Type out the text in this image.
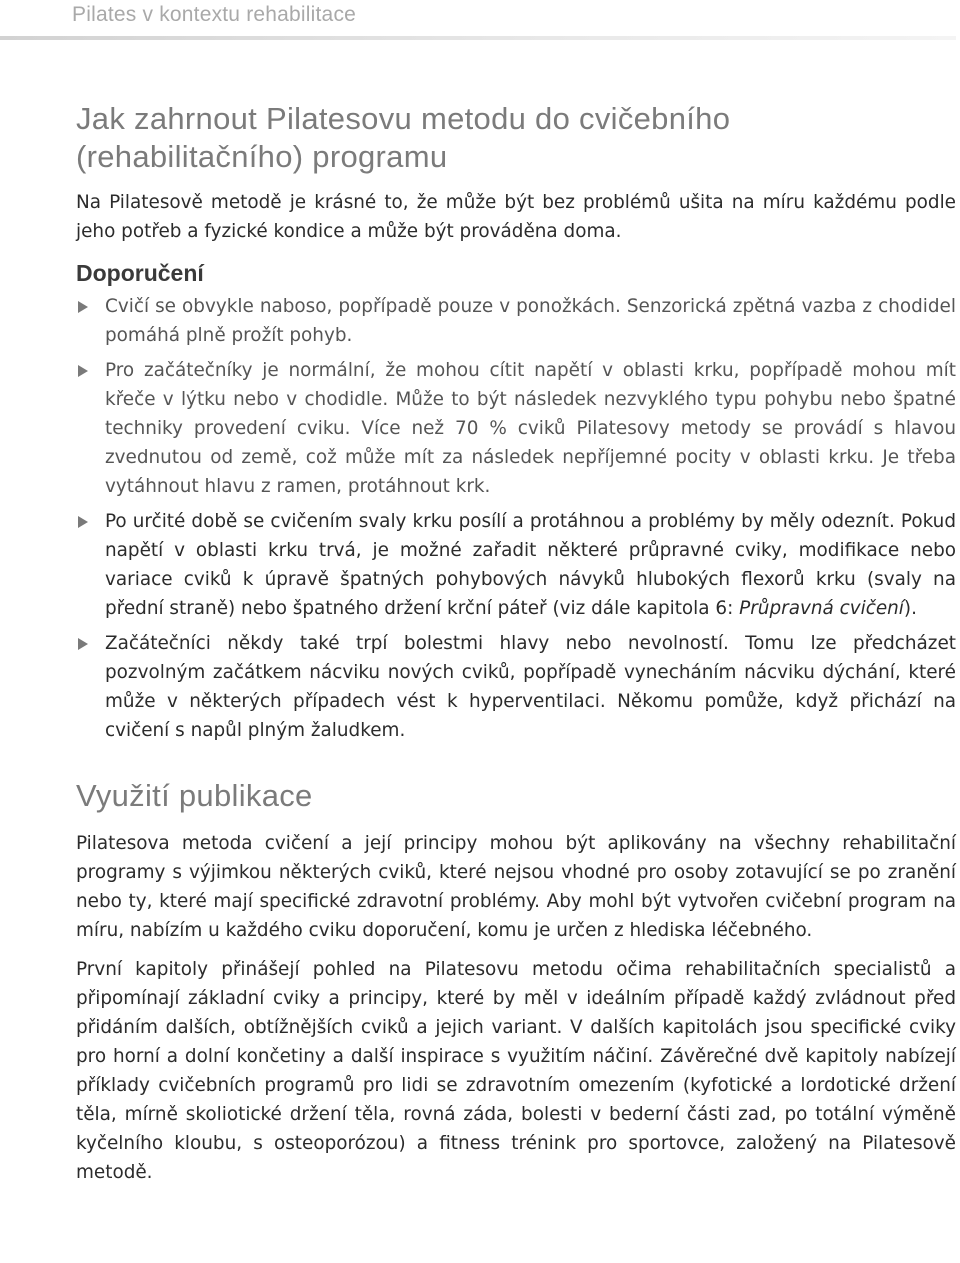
Pilates v kontextu rehabilitace
Jak zahrnout Pilatesovu metodu do cvičebního (rehabilitačního) programu

Na Pilatesově metodě je krásné to, že může být bez problémů ušita na míru každému podle jeho potřeb a fyzické kondice a může být prováděna doma.

Doporučení
Cvičí se obvykle naboso, popřípadě pouze v ponožkách. Senzorická zpětná vazba z chodidel pomáhá plně prožít pohyb.
Pro začátečníky je normální, že mohou cítit napětí v oblasti krku, popřípadě mohou mít křeče v lýtku nebo v chodidle. Může to být následek nezvyklého typu pohybu nebo špatné techniky provedení cviku. Více než 70 % cviků Pilatesovy metody se provádí s hlavou zvednutou od země, což může mít za následek nepříjemné pocity v oblasti krku. Je třeba vytáhnout hlavu z ramen, protáhnout krk.
Po určité době se cvičením svaly krku posílí a protáhnou a problémy by měly odeznít. Pokud napětí v oblasti krku trvá, je možné zařadit některé průpravné cviky, modifikace nebo variace cviků k úpravě špatných pohybových návyků hlubokých flexorů krku (svaly na přední straně) nebo špatného držení krční páteř (viz dále kapitola 6: Průpravná cvičení).
Začátečníci někdy také trpí bolestmi hlavy nebo nevolností. Tomu lze předcházet pozvolným začátkem nácviku nových cviků, popřípadě vynecháním nácviku dýchání, které může v některých případech vést k hyperventilaci. Někomu pomůže, když přichází na cvičení s napůl plným žaludkem.
Využití publikace

Pilatesova metoda cvičení a její principy mohou být aplikovány na všechny rehabilitační programy s výjimkou některých cviků, které nejsou vhodné pro osoby zotavující se po zranění nebo ty, které mají specifické zdravotní problémy. Aby mohl být vytvořen cvičební program na míru, nabízím u každého cviku doporučení, komu je určen z hlediska léčebného.

První kapitoly přinášejí pohled na Pilatesovu metodu očima rehabilitačních specialistů a připomínají základní cviky a principy, které by měl v ideálním případě každý zvládnout před přidáním dalších, obtížnějších cviků a jejich variant. V dalších kapitolách jsou specifické cviky pro horní a dolní končetiny a další inspirace s využitím náčiní. Závěrečné dvě kapitoly nabízejí příklady cvičebních programů pro lidi se zdravotním omezením (kyfotické a lordotické držení těla, mírně skoliotické držení těla, rovná záda, bolesti v bederní části zad, po totální výměně kyčelního kloubu, s osteoporózou) a fitness trénink pro sportovce, založený na Pilatesově metodě.
